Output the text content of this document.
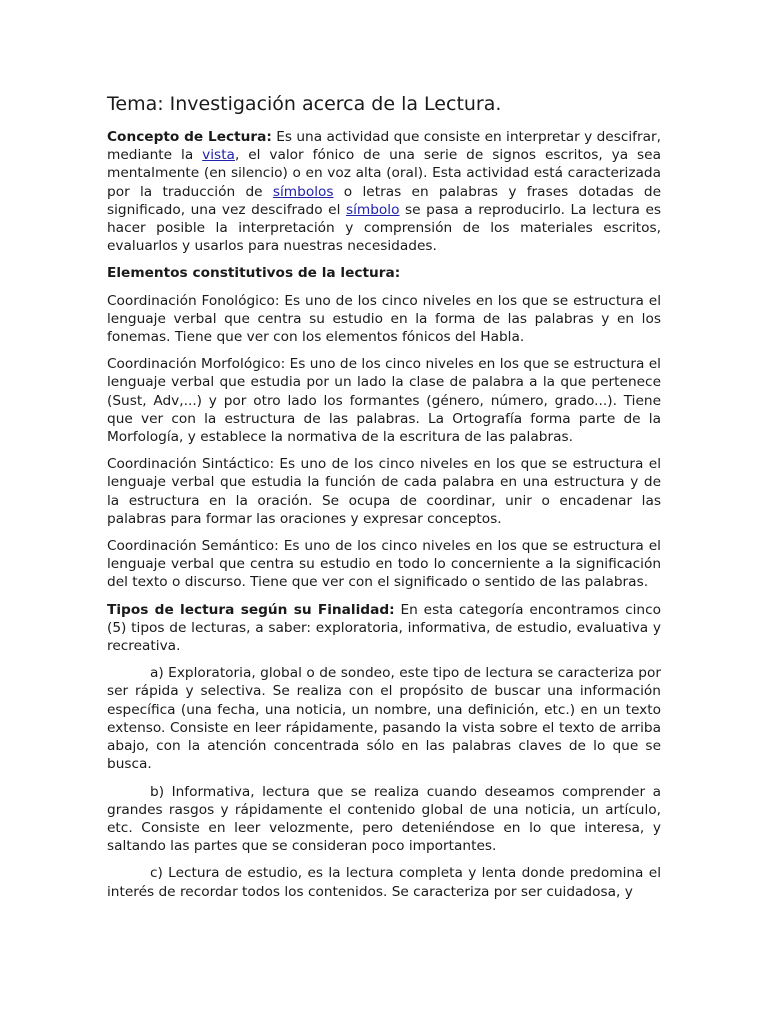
Tema: Investigación acerca de la Lectura.

Concepto de Lectura: Es una actividad que consiste en interpretar y descifrar, mediante la vista, el valor fónico de una serie de signos escritos, ya sea mentalmente (en silencio) o en voz alta (oral). Esta actividad está caracterizada por la traducción de símbolos o letras en palabras y frases dotadas de significado, una vez descifrado el símbolo se pasa a reproducirlo. La lectura es hacer posible la interpretación y comprensión de los materiales escritos, evaluarlos y usarlos para nuestras necesidades.

Elementos constitutivos de la lectura:

Coordinación Fonológico: Es uno de los cinco niveles en los que se estructura el lenguaje verbal que centra su estudio en la forma de las palabras y en los fonemas. Tiene que ver con los elementos fónicos del Habla.

Coordinación Morfológico: Es uno de los cinco niveles en los que se estructura el lenguaje verbal que estudia por un lado la clase de palabra a la que pertenece (Sust, Adv,...) y por otro lado los formantes (género, número, grado...). Tiene que ver con la estructura de las palabras. La Ortografía forma parte de la Morfología, y establece la normativa de la escritura de las palabras.

Coordinación Sintáctico: Es uno de los cinco niveles en los que se estructura el lenguaje verbal que estudia la función de cada palabra en una estructura y de la estructura en la oración. Se ocupa de coordinar, unir o encadenar las palabras para formar las oraciones y expresar conceptos.

Coordinación Semántico: Es uno de los cinco niveles en los que se estructura el lenguaje verbal que centra su estudio en todo lo concerniente a la significación del texto o discurso. Tiene que ver con el significado o sentido de las palabras.

Tipos de lectura según su Finalidad: En esta categoría encontramos cinco (5) tipos de lecturas, a saber: exploratoria, informativa, de estudio, evaluativa y recreativa.

a) Exploratoria, global o de sondeo, este tipo de lectura se caracteriza por ser rápida y selectiva. Se realiza con el propósito de buscar una información específica (una fecha, una noticia, un nombre, una definición, etc.) en un texto extenso. Consiste en leer rápidamente, pasando la vista sobre el texto de arriba abajo, con la atención concentrada sólo en las palabras claves de lo que se busca.

b) Informativa, lectura que se realiza cuando deseamos comprender a grandes rasgos y rápidamente el contenido global de una noticia, un artículo, etc. Consiste en leer velozmente, pero deteniéndose en lo que interesa, y saltando las partes que se consideran poco importantes.

c) Lectura de estudio, es la lectura completa y lenta donde predomina el interés de recordar todos los contenidos. Se caracteriza por ser cuidadosa, y
